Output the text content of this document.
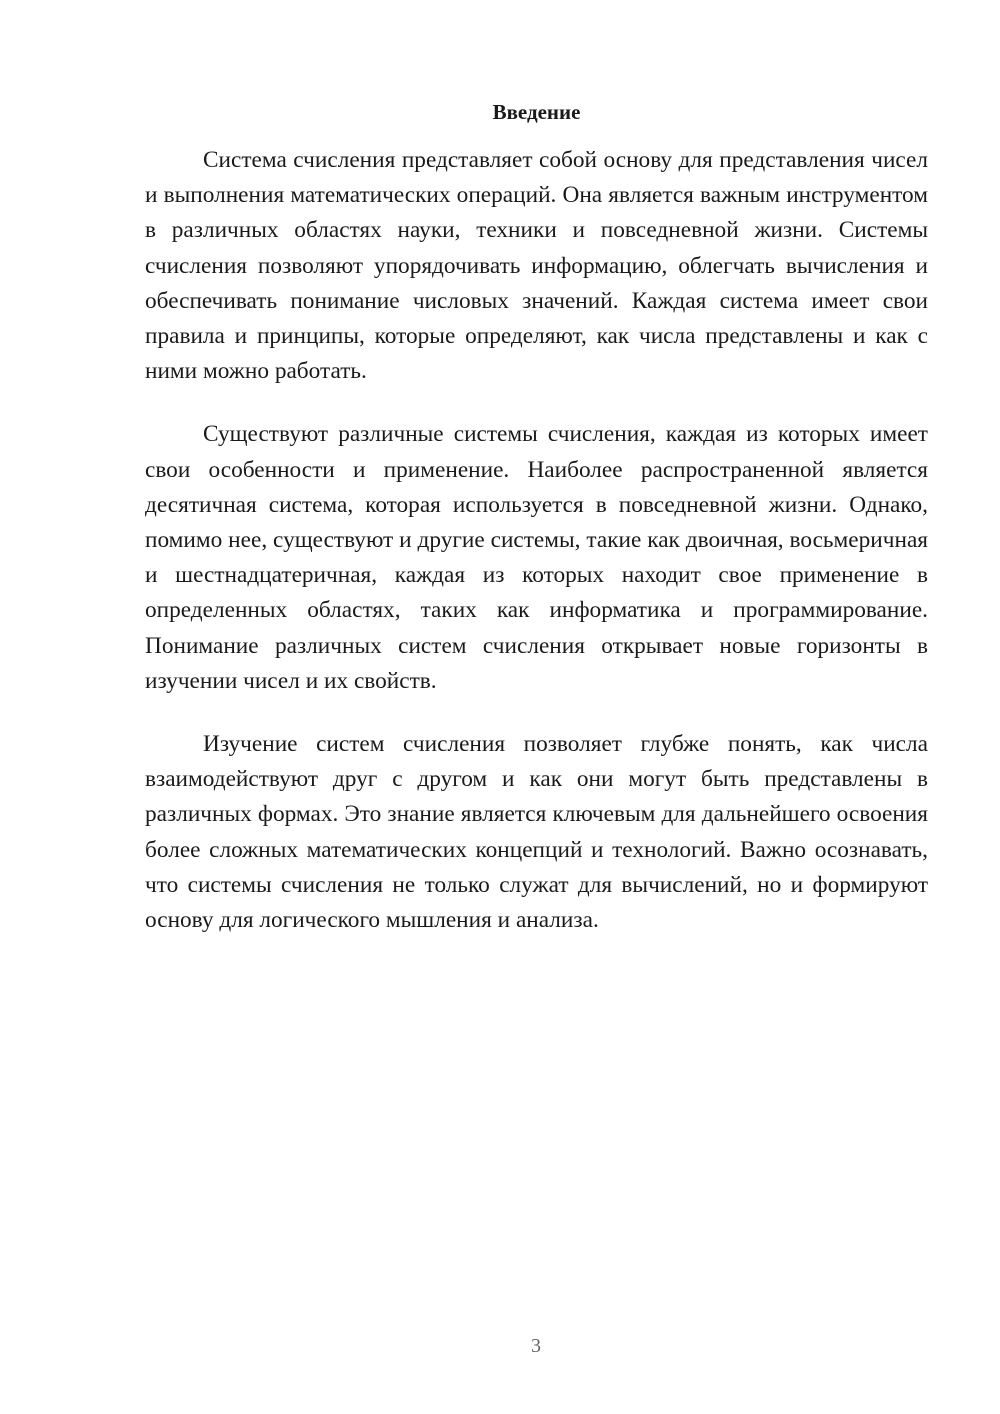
Введение

Система счисления представляет собой основу для представления чисел и выполнения математических операций. Она является важным инструментом в различных областях науки, техники и повседневной жизни. Системы счисления позволяют упорядочивать информацию, облегчать вычисления и обеспечивать понимание числовых значений. Каждая система имеет свои правила и принципы, которые определяют, как числа представлены и как с ними можно работать.

Существуют различные системы счисления, каждая из которых имеет свои особенности и применение. Наиболее распространенной является десятичная система, которая используется в повседневной жизни. Однако, помимо нее, существуют и другие системы, такие как двоичная, восьмеричная и шестнадцатеричная, каждая из которых находит свое применение в определенных областях, таких как информатика и программирование. Понимание различных систем счисления открывает новые горизонты в изучении чисел и их свойств.

Изучение систем счисления позволяет глубже понять, как числа взаимодействуют друг с другом и как они могут быть представлены в различных формах. Это знание является ключевым для дальнейшего освоения более сложных математических концепций и технологий. Важно осознавать, что системы счисления не только служат для вычислений, но и формируют основу для логического мышления и анализа.

3
